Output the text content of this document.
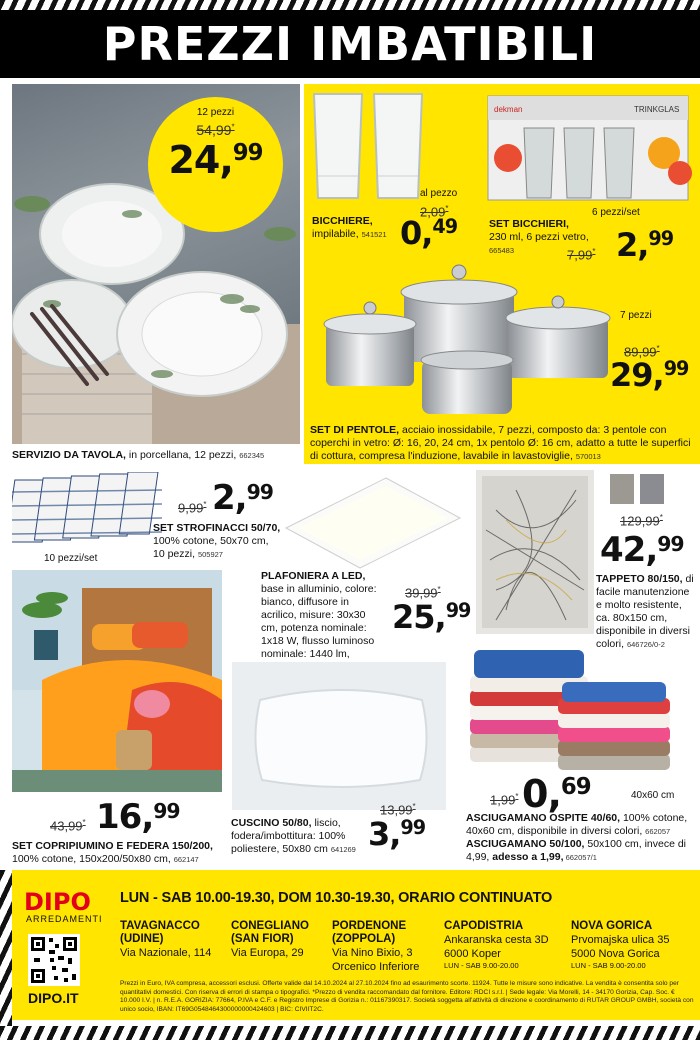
PREZZI IMBATIBILI
12 pezzi
54,99*
24,99
SERVIZIO DA TAVOLA, in porcellana, 12 pezzi, 662345
al pezzo
2,09*
0,49
BICCHIERE,
impilabile, 541521
TRINKGLAS
dekman
6 pezzi/set
SET BICCHIERI,
230 ml, 6 pezzi vetro, 665483	7,99* 2,99
7 pezzi
89,99*
29,99
SET DI PENTOLE, acciaio inossidabile, 7 pezzi, composto da: 3 pentole con coperchi in vetro: Ø: 16, 20, 24 cm, 1x pentolo Ø: 16 cm, adatto a tutte le superfici di cottura, compresa l'induzione, lavabile in lavastoviglie, 570013
10 pezzi/set
9,99* 2,99
SET STROFINACCI 50/70,
100% cotone, 50x70 cm, 10 pezzi, 505927
PLAFONIERA A LED, base in alluminio, colore: bianco, diffusore in acrilico, misure: 30x30 cm, potenza nominale: 1x18 W, flusso luminoso nominale: 1440 lm,
39,99*
25,99
129,99*
42,99
TAPPETO 80/150, di facile manutenzione e molto resistente, ca. 80x150 cm, disponibile in diversi colori, 646726/0-2
43,99* 16,99
SET COPRIPIUMINO E FEDERA 150/200,
100% cotone, 150x200/50x80 cm, 662147
13,99*
3,99
CUSCINO 50/80, liscio, fodera/imbottitura: 100% poliestere, 50x80 cm 641269
1,99* 0,69	40x60 cm
ASCIUGAMANO OSPITE 40/60, 100% cotone, 40x60 cm, disponibile in diversi colori, 662057 ASCIUGAMANO 50/100, 50x100 cm, invece di 4,99, adesso a 1,99, 662057/1
DIPO
ARREDAMENTI
DIPO.IT
LUN - SAB 10.00-19.30, DOM 10.30-19.30, ORARIO CONTINUATO
TAVAGNACCO
(UDINE)

Via Nazionale, 114

CONEGLIANO
(SAN FIOR)

Via Europa, 29

PORDENONE
(ZOPPOLA)

Via Nino Bixio, 3

Orcenico Inferiore

CAPODISTRIA

Ankaranska cesta 3D

6000 Koper

LUN - SAB 9.00-20.00
NOVA GORICA

Prvomajska ulica 35

5000 Nova Gorica

LUN - SAB 9.00-20.00
Prezzi in Euro, IVA compresa, accessori esclusi. Offerte valide dal 14.10.2024 al 27.10.2024 fino ad esaurimento scorte. 11924. Tutte le misure sono indicative. La vendita è consentita solo per quantitativi domestici. Con riserva di errori di stampa o tipografici. *Prezzo di vendita raccomandato dal fornitore. Editore: RDCI s.r.l. | Sede legale: Via Morelli, 14 - 34170 Gorizia, Cap. Soc. € 10.000 I.V. | n. R.E.A. GORIZIA: 77664, P.IVA e C.F. e Registro Imprese di Gorizia n.: 01167390317. Società soggetta all'attività di direzione e coordinamento di RUTAR GROUP GMBH, società con unico socio, IBAN: IT69G0548464300000000424603 | BIC: CIVIIT2C.
